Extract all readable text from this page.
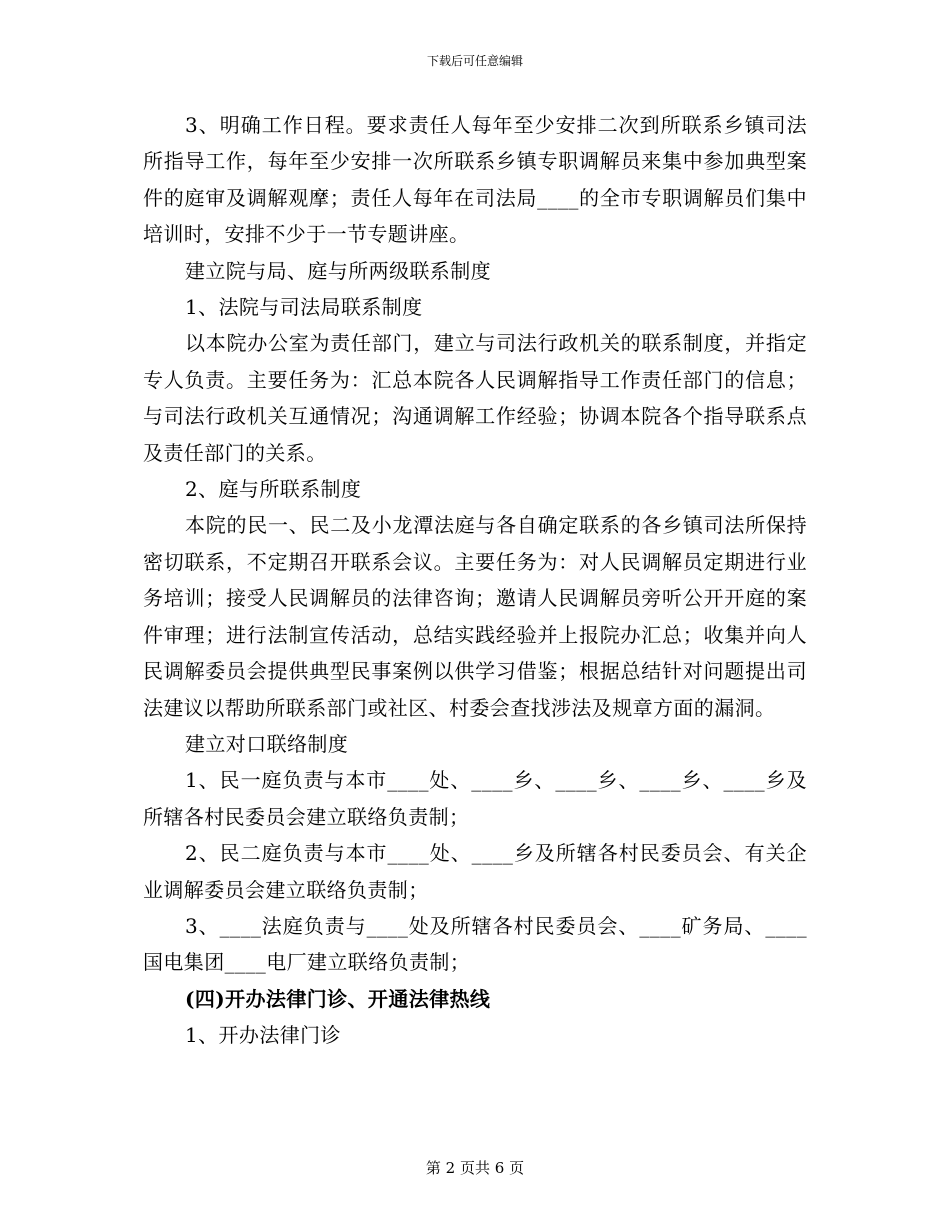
下载后可任意编辑

3、明确工作日程。要求责任人每年至少安排二次到所联系乡镇司法所指导工作，每年至少安排一次所联系乡镇专职调解员来集中参加典型案件的庭审及调解观摩；责任人每年在司法局____的全市专职调解员们集中培训时，安排不少于一节专题讲座。

建立院与局、庭与所两级联系制度

1、法院与司法局联系制度

以本院办公室为责任部门，建立与司法行政机关的联系制度，并指定专人负责。主要任务为：汇总本院各人民调解指导工作责任部门的信息；与司法行政机关互通情况；沟通调解工作经验；协调本院各个指导联系点及责任部门的关系。

2、庭与所联系制度

本院的民一、民二及小龙潭法庭与各自确定联系的各乡镇司法所保持密切联系，不定期召开联系会议。主要任务为：对人民调解员定期进行业务培训；接受人民调解员的法律咨询；邀请人民调解员旁听公开开庭的案件审理；进行法制宣传活动，总结实践经验并上报院办汇总；收集并向人民调解委员会提供典型民事案例以供学习借鉴；根据总结针对问题提出司法建议以帮助所联系部门或社区、村委会查找涉法及规章方面的漏洞。

建立对口联络制度

1、民一庭负责与本市____处、____乡、____乡、____乡、____乡及所辖各村民委员会建立联络负责制；

2、民二庭负责与本市____处、____乡及所辖各村民委员会、有关企业调解委员会建立联络负责制；

3、____法庭负责与____处及所辖各村民委员会、____矿务局、____国电集团____电厂建立联络负责制；

(四)开办法律门诊、开通法律热线

1、开办法律门诊

第 2 页共 6 页
